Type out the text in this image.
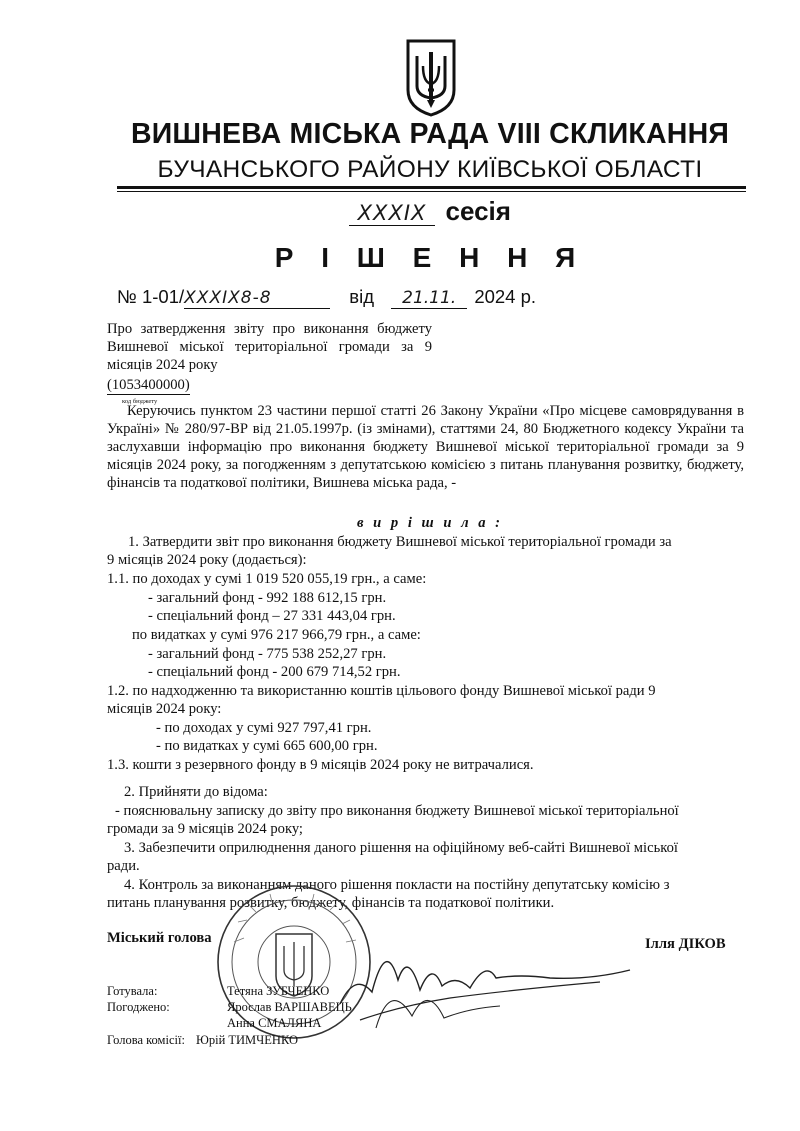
ВИШНЕВА МІСЬКА РАДА VIII СКЛИКАННЯ
БУЧАНСЬКОГО РАЙОНУ КИЇВСЬКОЇ ОБЛАСТІ
XXXIX сесія
Р І Ш Е Н Н Я
№ 1-01/XXXIX8-8	від 21.11. 2024 р.
Про затвердження звіту про виконання бюджету Вишневої міської територіальної громади за 9 місяців 2024 року
(1053400000)
код бюджету
Керуючись пунктом 23 частини першої статті 26 Закону України «Про місцеве самоврядування в Україні» № 280/97-ВР від 21.05.1997р. (із змінами), статтями 24, 80 Бюджетного кодексу України та заслухавши інформацію про виконання бюджету Вишневої міської територіальної громади за 9 місяців 2024 року, за погодженням з депутатською комісією з питань планування розвитку, бюджету, фінансів та податкової політики, Вишнева міська рада, -
в и р і ш и л а :
1. Затвердити звіт про виконання бюджету Вишневої міської територіальної громади за
9 місяців 2024 року (додається):
1.1. по доходах у сумі 1 019 520 055,19 грн., а саме:
- загальний фонд - 992 188 612,15 грн.
- спеціальний фонд – 27 331 443,04 грн.
по видатках у сумі 976 217 966,79 грн., а саме:
- загальний фонд - 775 538 252,27 грн.
- спеціальний фонд - 200 679 714,52 грн.
1.2. по надходженню та використанню коштів цільового фонду Вишневої міської ради 9
місяців 2024 року:
- по доходах у сумі 927 797,41 грн.
- по видатках у сумі 665 600,00 грн.
1.3. кошти з резервного фонду в 9 місяців 2024 року не витрачалися.
2. Прийняти до відома:
- пояснювальну записку до звіту про виконання бюджету Вишневої міської територіальної
громади за 9 місяців 2024 року;
3. Забезпечити оприлюднення даного рішення на офіційному веб-сайті Вишневої міської
ради.
4. Контроль за виконанням даного рішення покласти на постійну депутатську комісію з
питань планування розвитку, бюджету, фінансів та податкової політики.
Міський голова	Ілля ДІКОВ
Готувала:	Тетяна ЗУБЧЕНКО
Погоджено:	Ярослав ВАРШАВЕЦЬ
Анна СМАЛЯНА
Голова комісії: Юрій ТИМЧЕНКО
